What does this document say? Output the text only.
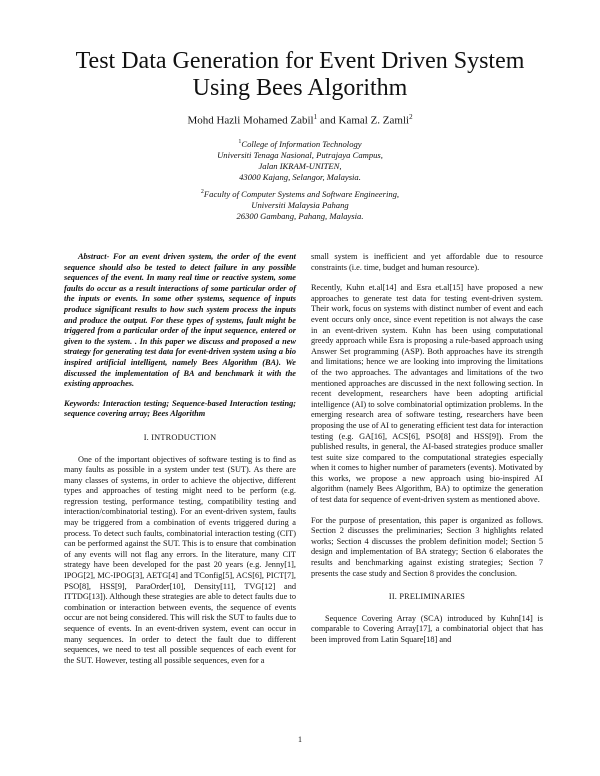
Test Data Generation for Event Driven System
Using Bees Algorithm
Mohd Hazli Mohamed Zabil$^1$ and Kamal Z. Zamli$^2$
$^1$College of Information Technology
Universiti Tenaga Nasional, Putrajaya Campus,
Jalan IKRAM-UNITEN,
43000 Kajang, Selangor, Malaysia.
$^2$Faculty of Computer Systems and Software Engineering,
Universiti Malaysia Pahang
26300 Gambang, Pahang, Malaysia.

Abstract- For an event driven system, the order of the event sequence should also be tested to detect failure in any possible sequences of the event. In many real time or reactive system, some faults do occur as a result interactions of some particular order of the inputs or events. In some other systems, sequence of inputs produce significant results to how such system process the inputs and produce the output. For these types of systems, fault might be triggered from a particular order of the input sequence, entered or given to the system. . In this paper we discuss and proposed a new strategy for generating test data for event-driven system using a bio inspired artificial intelligent, namely Bees Algorithm (BA). We discussed the implementation of BA and benchmark it with the existing approaches.

Keywords: Interaction testing; Sequence-based Interaction testing; sequence covering array; Bees Algorithm

I. INTRODUCTION

One of the important objectives of software testing is to find as many faults as possible in a system under test (SUT). As there are many classes of systems, in order to achieve the objective, different types and approaches of testing might need to be perform (e.g. regression testing, performance testing, compatibility testing and interaction/combinatorial testing). For an event-driven system, faults may be triggered from a combination of events triggered during a process. To detect such faults, combinatorial interaction testing (CIT) can be performed against the SUT. This is to ensure that combination of any events will not flag any errors. In the literature, many CIT strategy have been developed for the past 20 years (e.g. Jenny[1], IPOG[2], MC-IPOG[3], AETG[4] and TConfig[5], ACS[6], PICT[7], PSO[8], HSS[9], ParaOrder[10], Density[11], TVG[12] and ITTDG[13]). Although these strategies are able to detect faults due to combination or interaction between events, the sequence of events occur are not being considered. This will risk the SUT to faults due to sequence of events. In an event-driven system, event can occur in many sequences. In order to detect the fault due to different sequences, we need to test all possible sequences of each event for the SUT. However, testing all possible sequences, even for a

small system is inefficient and yet affordable due to resource constraints (i.e. time, budget and human resource).

Recently, Kuhn et.al[14] and Esra et.al[15] have proposed a new approaches to generate test data for testing event-driven system. Their work, focus on systems with distinct number of event and each event occurs only once, since event repetition is not always the case in an event-driven system. Kuhn has been using computational greedy approach while Esra is proposing a rule-based approach using Answer Set programming (ASP). Both approaches have its strength and limitations; hence we are looking into improving the limitations of the two approaches. The advantages and limitations of the two mentioned approaches are discussed in the next following section. In recent development, researchers have been adopting artificial intelligence (AI) to solve combinatorial optimization problems. In the emerging research area of software testing, researchers have been proposing the use of AI to generating efficient test data for interaction testing (e.g. GA[16], ACS[6], PSO[8] and HSS[9]). From the published results, in general, the AI-based strategies produce smaller test suite size compared to the computational strategies especially when it comes to higher number of parameters (events). Motivated by this works, we propose a new approach using bio-inspired AI algorithm (namely Bees Algorithm, BA) to optimize the generation of test data for sequence of event-driven system as mentioned above.

For the purpose of presentation, this paper is organized as follows. Section 2 discusses the preliminaries; Section 3 highlights related works; Section 4 discusses the problem definition model; Section 5 design and implementation of BA strategy; Section 6 elaborates the results and benchmarking against existing strategies; Section 7 presents the case study and Section 8 provides the conclusion.

II. PRELIMINARIES

Sequence Covering Array (SCA) introduced by Kuhn[14] is comparable to Covering Array[17], a combinatorial object that has been improved from Latin Square[18] and

1
